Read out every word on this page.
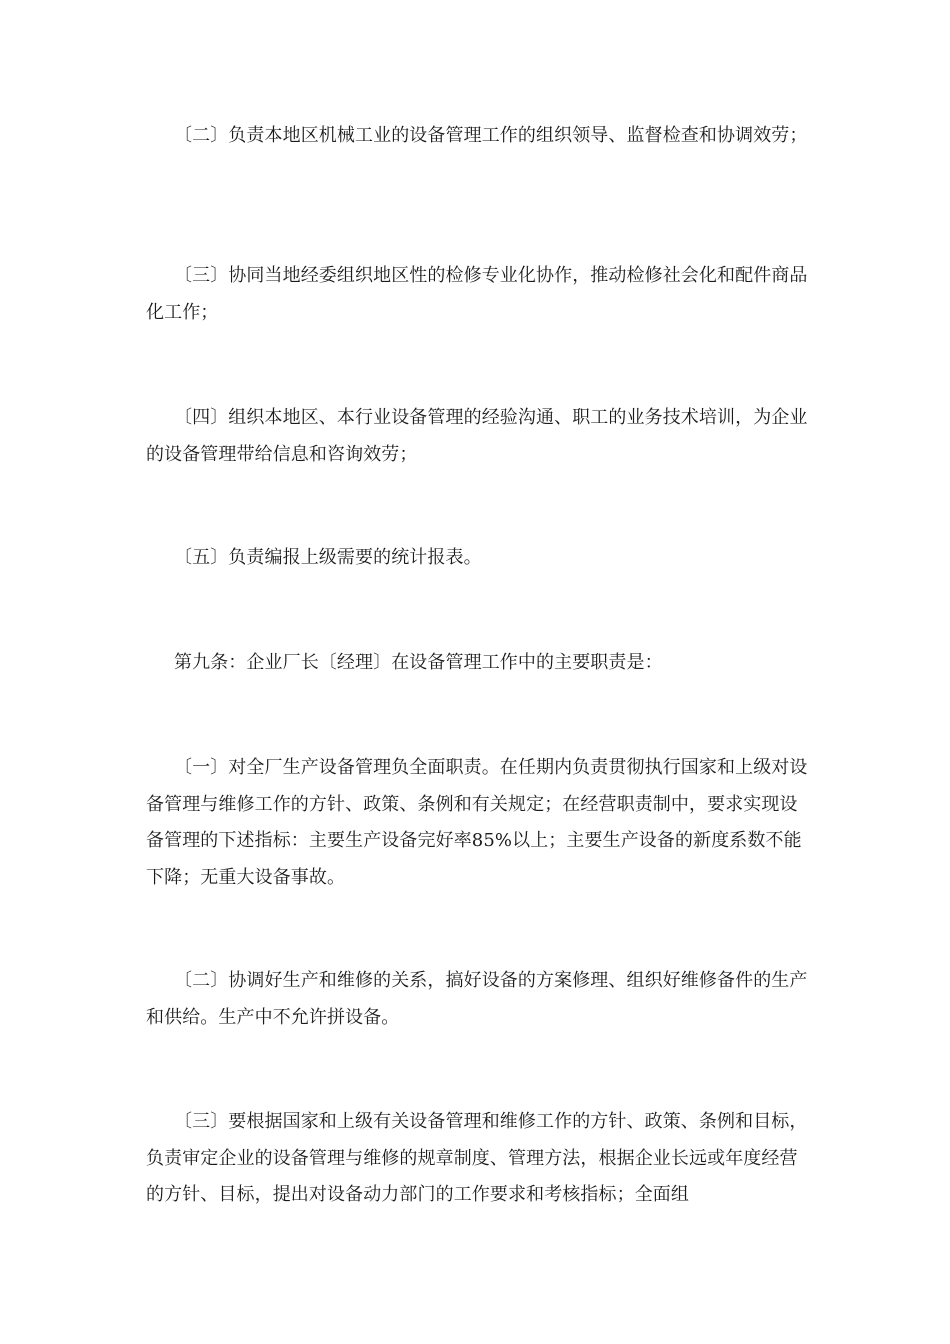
〔二〕负责本地区机械工业的设备管理工作的组织领导、监督检查和协调效劳；

〔三〕协同当地经委组织地区性的检修专业化协作，推动检修社会化和配件商品化工作；

〔四〕组织本地区、本行业设备管理的经验沟通、职工的业务技术培训，为企业的设备管理带给信息和咨询效劳；

〔五〕负责编报上级需要的统计报表。

第九条：企业厂长〔经理〕在设备管理工作中的主要职责是：

〔一〕对全厂生产设备管理负全面职责。在任期内负责贯彻执行国家和上级对设备管理与维修工作的方针、政策、条例和有关规定；在经营职责制中，要求实现设备管理的下述指标：主要生产设备完好率85%以上；主要生产设备的新度系数不能下降；无重大设备事故。

〔二〕协调好生产和维修的关系，搞好设备的方案修理、组织好维修备件的生产和供给。生产中不允许拼设备。

〔三〕要根据国家和上级有关设备管理和维修工作的方针、政策、条例和目标，负责审定企业的设备管理与维修的规章制度、管理方法，根据企业长远或年度经营的方针、目标，提出对设备动力部门的工作要求和考核指标；全面组
